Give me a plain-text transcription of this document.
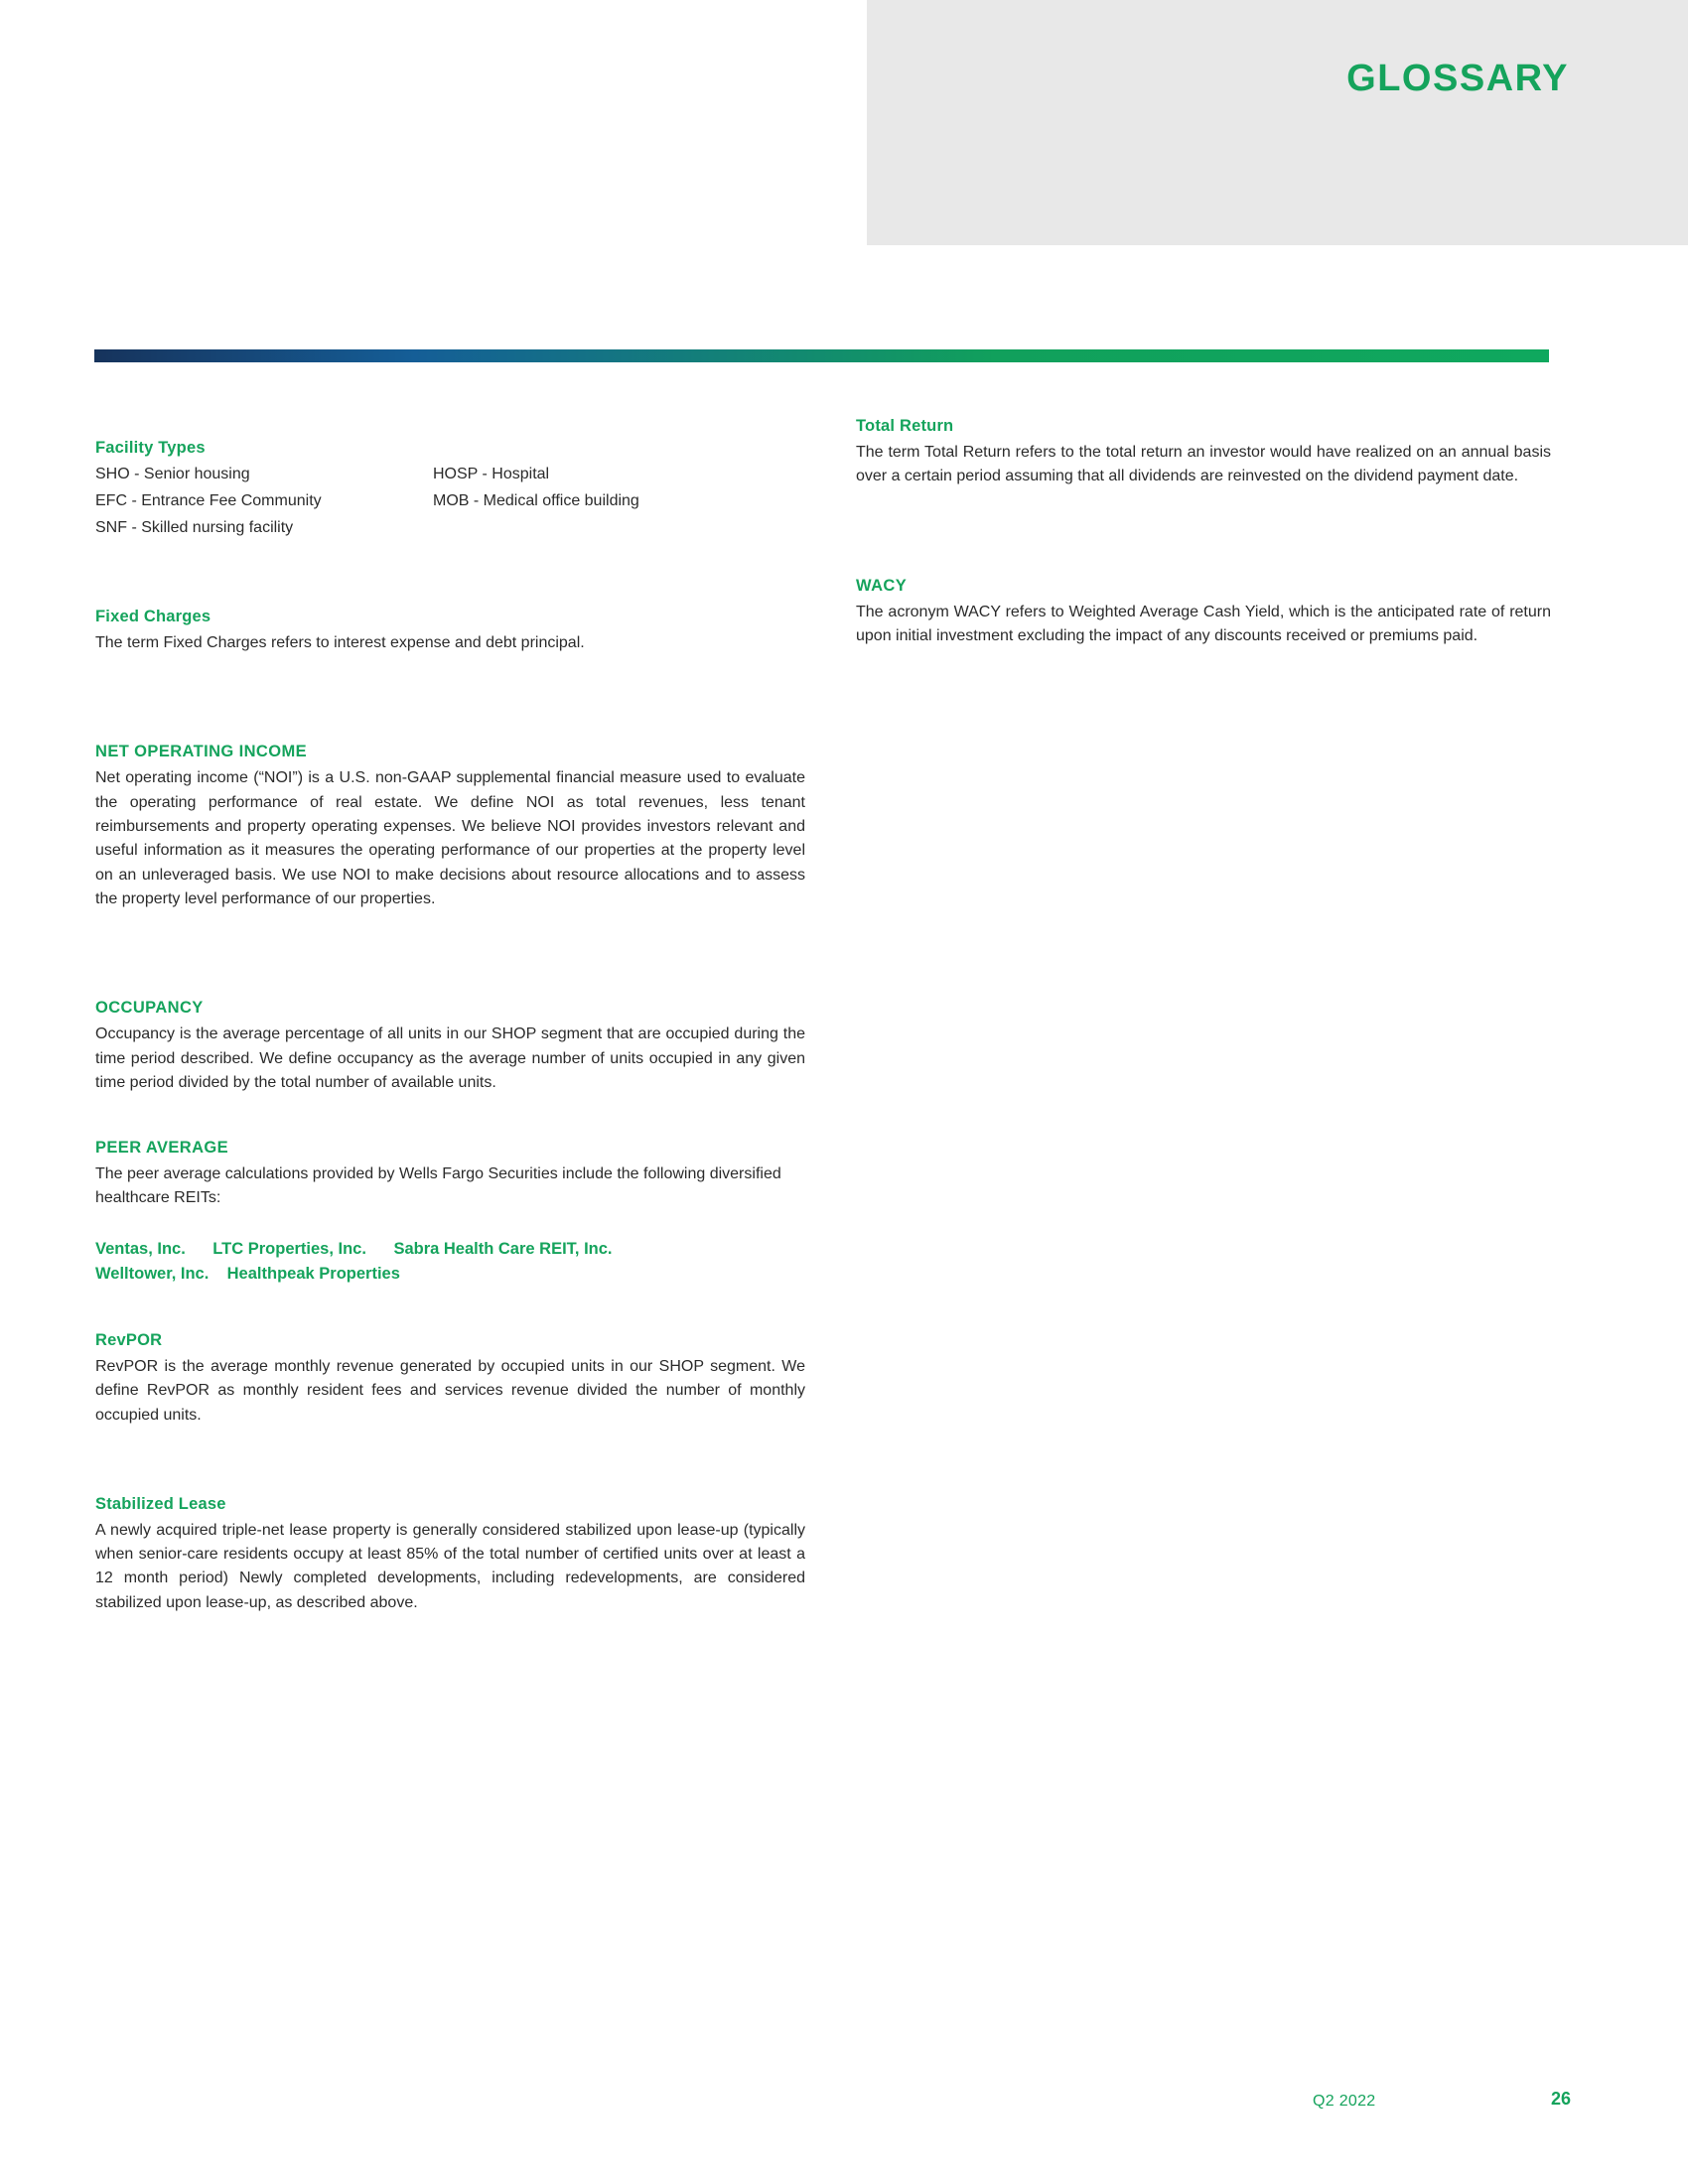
GLOSSARY
Facility Types
SHO - Senior housing	HOSP - Hospital
EFC - Entrance Fee Community	MOB - Medical office building
SNF - Skilled nursing facility
Fixed Charges
The term Fixed Charges refers to interest expense and debt principal.
NET OPERATING INCOME
Net operating income (“NOI”) is a U.S. non-GAAP supplemental financial measure used to evaluate the operating performance of real estate. We define NOI as total revenues, less tenant reimbursements and property operating expenses. We believe NOI provides investors relevant and useful information as it measures the operating performance of our properties at the property level on an unleveraged basis. We use NOI to make decisions about resource allocations and to assess the property level performance of our properties.
OCCUPANCY
Occupancy is the average percentage of all units in our SHOP segment that are occupied during the time period described. We define occupancy as the average number of units occupied in any given time period divided by the total number of available units.
PEER AVERAGE
The peer average calculations provided by Wells Fargo Securities include the following diversified healthcare REITs:
Ventas, Inc.      LTC Properties, Inc.      Sabra Health Care REIT, Inc.
Welltower, Inc.    Healthpeak Properties
RevPOR
RevPOR is the average monthly revenue generated by occupied units in our SHOP segment. We define RevPOR as monthly resident fees and services revenue divided the number of monthly occupied units.
Stabilized Lease
A newly acquired triple-net lease property is generally considered stabilized upon lease-up (typically when senior-care residents occupy at least 85% of the total number of certified units over at least a 12 month period) Newly completed developments, including redevelopments, are considered stabilized upon lease-up, as described above.
Total Return
The term Total Return refers to the total return an investor would have realized on an annual basis over a certain period assuming that all dividends are reinvested on the dividend payment date.
WACY
The acronym WACY refers to Weighted Average Cash Yield, which is the anticipated rate of return upon initial investment excluding the impact of any discounts received or premiums paid.
Q2 2022	26
